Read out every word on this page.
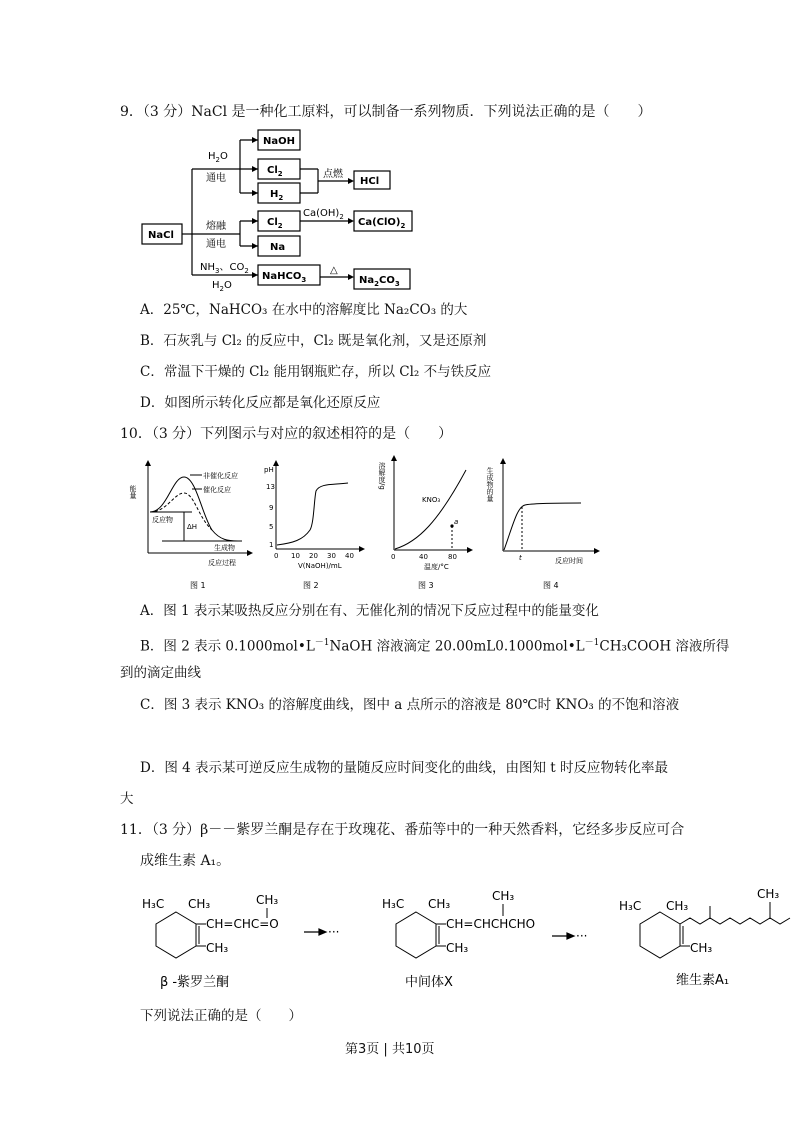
9．（3 分）NaCl 是一种化工原料，可以制备一系列物质．下列说法正确的是（　　）
NaCl
NaOH
$Cl_2$
$H_2$
HCl
$Cl_2$	$Ca(ClO)_2$
Na
NaHCO$_3$	$Na_2CO_3$
$H_2O$
通电
熔融
通电
$NH_3$、$CO_2$
$H_2O$
点燃
$Ca(OH)_2$
△
A．25℃，NaHCO₃ 在水中的溶解度比 Na₂CO₃ 的大
B．石灰乳与 Cl₂ 的反应中，Cl₂ 既是氧化剂，又是还原剂
C．常温下干燥的 Cl₂ 能用钢瓶贮存，所以 Cl₂ 不与铁反应
D．如图所示转化反应都是氧化还原反应
10．（3 分）下列图示与对应的叙述相符的是（　　）
能量
非催化反应
催化反应
反应物
ΔH
生成物
反应过程
图 1
pH
13
9
5
1
0 10 20 30 40
V(NaOH)/mL
图 2
溶解度/g
KNO₃
a
0	40	80
温度/°C
图 3
生成物的量
t	反应时间
图 4
A．图 1 表示某吸热反应分别在有、无催化剂的情况下反应过程中的能量变化
B．图 2 表示 $0.1000mol•L^{-1}NaOH$ 溶液滴定 $20.00mL0.1000mol•L^{-1}CH_3COOH$ 溶液所得
到的滴定曲线
C．图 3 表示 KNO₃ 的溶解度曲线，图中 a 点所示的溶液是 80℃时 KNO₃ 的不饱和溶液
D．图 4 表示某可逆反应生成物的量随反应时间变化的曲线，由图知 t 时反应物转化率最
大
11．（3 分）β－－紫罗兰酮是存在于玫瑰花、番茄等中的一种天然香料，它经多步反应可合
成维生素 A₁。
H₃C CH₃	CH₃
CH=CHC=O
CH₃
β -紫罗兰酮
H₃C CH₃
CH₃
CH=CHCHCHO
CH₃
中间体X
H₃C CH₃
CH₃
CH₃
维生素A₁
···	···
下列说法正确的是（　　）
第3页 | 共10页
